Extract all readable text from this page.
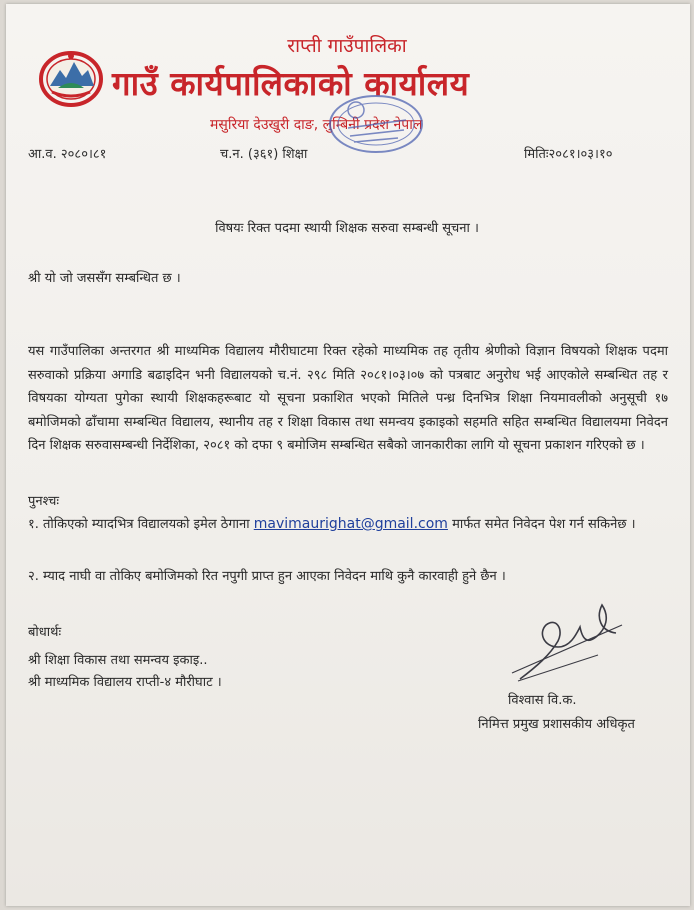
राप्ती गाउँपालिका
गाउँ कार्यपालिकाको कार्यालय
मसुरिया देउखुरी दाङ, लुम्बिनी प्रदेश नेपाल
आ.व. २०८०।८१	च.न. (३६१) शिक्षा	मितिः२०८१।०३।१०
विषयः रिक्त पदमा स्थायी शिक्षक सरुवा सम्बन्धी सूचना ।
श्री यो जो जससँग सम्बन्धित छ ।

यस गाउँपालिका अन्तरगत श्री माध्यमिक विद्यालय मौरीघाटमा रिक्त रहेको माध्यमिक तह तृतीय श्रेणीको विज्ञान विषयको शिक्षक पदमा सरुवाको प्रक्रिया अगाडि बढाइदिन भनी विद्यालयको च.नं. २९८ मिति २०८१।०३।०७ को पत्रबाट अनुरोध भई आएकोले सम्बन्धित तह र विषयका योग्यता पुगेका स्थायी शिक्षकहरूबाट यो सूचना प्रकाशित भएको मितिले पन्ध्र दिनभित्र शिक्षा नियमावलीको अनुसूची १७ बमोजिमको ढाँचामा सम्बन्धित विद्यालय, स्थानीय तह र शिक्षा विकास तथा समन्वय इकाइको सहमति सहित सम्बन्धित विद्यालयमा निवेदन दिन शिक्षक सरुवासम्बन्धी निर्देशिका, २०८१ को दफा ९ बमोजिम सम्बन्धित सबैको जानकारीका लागि यो सूचना प्रकाशन गरिएको छ ।

पुनश्चः
१. तोकिएको म्यादभित्र विद्यालयको इमेल ठेगाना mavimaurighat@gmail.com मार्फत समेत निवेदन पेश गर्न सकिनेछ ।
२. म्याद नाघी वा तोकिए बमोजिमको रित नपुगी प्राप्त हुन आएका निवेदन माथि कुनै कारवाही हुने छैन ।
बोधार्थः
श्री शिक्षा विकास तथा समन्वय इकाइ..
श्री माध्यमिक विद्यालय राप्ती-४ मौरीघाट ।
विश्वास वि.क.
निमित्त प्रमुख प्रशासकीय अधिकृत
